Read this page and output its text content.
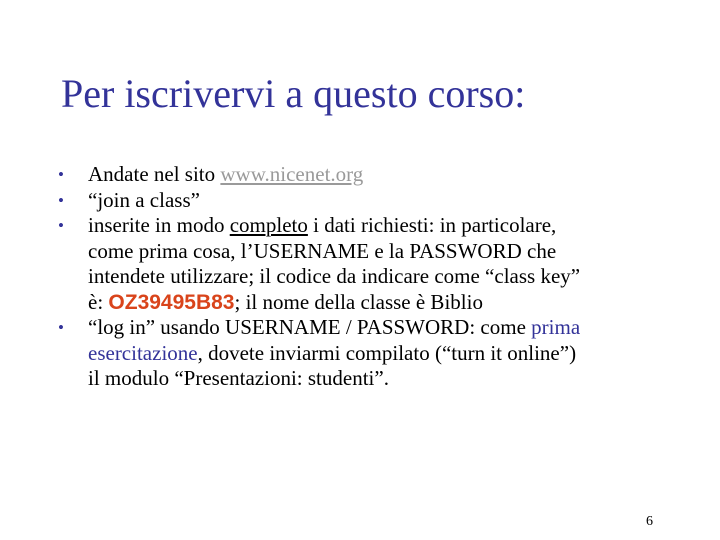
Per iscrivervi a questo corso:
•	Andate nel sito www.nicenet.org
•	“join a class”
•	inserite in modo completo i dati richiesti: in particolare,
come prima cosa, l’USERNAME e la PASSWORD che
intendete utilizzare; il codice da indicare come “class key”
è: OZ39495B83; il nome della classe è Biblio
•	“log in” usando USERNAME / PASSWORD: come prima
esercitazione, dovete inviarmi compilato (“turn it online”)
il modulo “Presentazioni: studenti”.
6
